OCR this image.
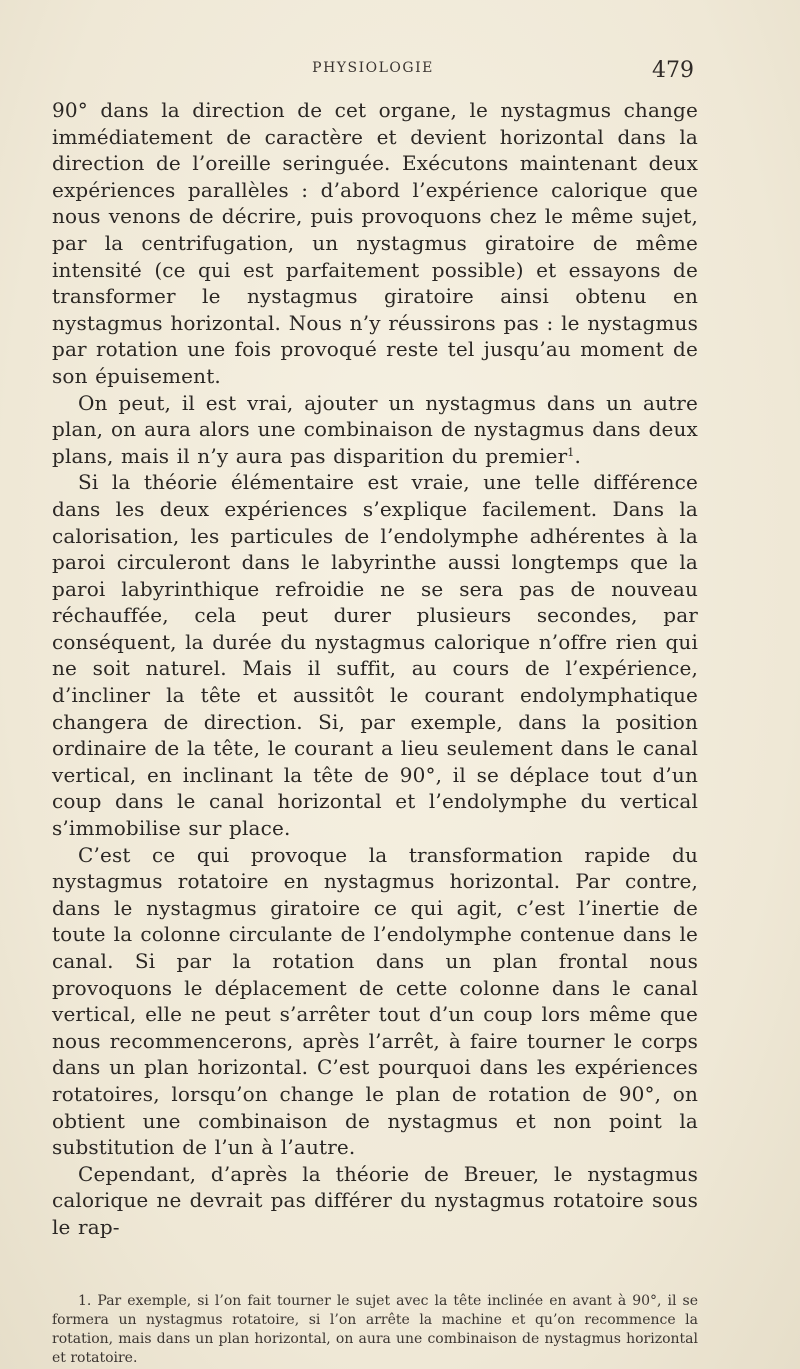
PHYSIOLOGIE	479

90° dans la direction de cet organe, le nystagmus change immédiatement de caractère et devient horizontal dans la direction de l’oreille seringuée. Exécutons maintenant deux expériences parallèles : d’abord l’expérience calorique que nous venons de décrire, puis provoquons chez le même sujet, par la centrifugation, un nystagmus giratoire de même intensité (ce qui est parfaitement possible) et essayons de transformer le nystagmus giratoire ainsi obtenu en nystagmus horizontal. Nous n’y réussirons pas : le nystagmus par rotation une fois provoqué reste tel jusqu’au moment de son épuisement.

On peut, il est vrai, ajouter un nystagmus dans un autre plan, on aura alors une combinaison de nystagmus dans deux plans, mais il n’y aura pas disparition du premier$^1$.

Si la théorie élémentaire est vraie, une telle différence dans les deux expériences s’explique facilement. Dans la calorisation, les particules de l’endolymphe adhérentes à la paroi circuleront dans le labyrinthe aussi longtemps que la paroi labyrinthique refroidie ne se sera pas de nouveau réchauffée, cela peut durer plusieurs secondes, par conséquent, la durée du nystagmus calorique n’offre rien qui ne soit naturel. Mais il suffit, au cours de l’expérience, d’incliner la tête et aussitôt le courant endolymphatique changera de direction. Si, par exemple, dans la position ordinaire de la tête, le courant a lieu seulement dans le canal vertical, en inclinant la tête de 90°, il se déplace tout d’un coup dans le canal horizontal et l’endolymphe du vertical s’immobilise sur place.

C’est ce qui provoque la transformation rapide du nystagmus rotatoire en nystagmus horizontal. Par contre, dans le nystagmus giratoire ce qui agit, c’est l’inertie de toute la colonne circulante de l’endolymphe contenue dans le canal. Si par la rotation dans un plan frontal nous provoquons le déplacement de cette colonne dans le canal vertical, elle ne peut s’arrêter tout d’un coup lors même que nous recommencerons, après l’arrêt, à faire tourner le corps dans un plan horizontal. C’est pourquoi dans les expériences rotatoires, lorsqu’on change le plan de rotation de 90°, on obtient une combinaison de nystagmus et non point la substitution de l’un à l’autre.

Cependant, d’après la théorie de Breuer, le nystagmus calorique ne devrait pas différer du nystagmus rotatoire sous le rap-

1. Par exemple, si l’on fait tourner le sujet avec la tête inclinée en avant à 90°, il se formera un nystagmus rotatoire, si l’on arrête la machine et qu’on recommence la rotation, mais dans un plan horizontal, on aura une combinaison de nystagmus horizontal et rotatoire.
